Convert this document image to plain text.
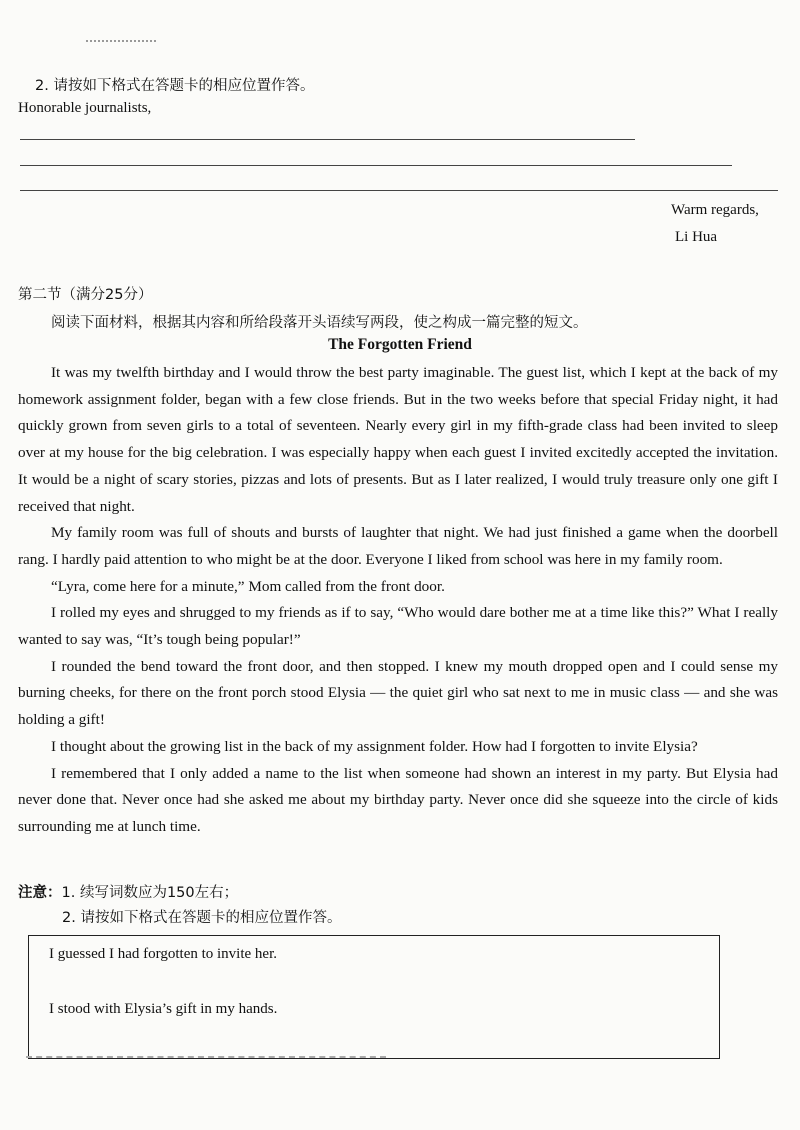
2. 请按如下格式在答题卡的相应位置作答。
Honorable journalists,
Warm regards,
Li Hua
第二节（满分25分）
阅读下面材料，根据其内容和所给段落开头语续写两段，使之构成一篇完整的短文。
The Forgotten Friend

It was my twelfth birthday and I would throw the best party imaginable. The guest list, which I kept at the back of my homework assignment folder, began with a few close friends. But in the two weeks before that special Friday night, it had quickly grown from seven girls to a total of seventeen. Nearly every girl in my fifth-grade class had been invited to sleep over at my house for the big celebration. I was especially happy when each guest I invited excitedly accepted the invitation. It would be a night of scary stories, pizzas and lots of presents. But as I later realized, I would truly treasure only one gift I received that night.

My family room was full of shouts and bursts of laughter that night. We had just finished a game when the doorbell rang. I hardly paid attention to who might be at the door. Everyone I liked from school was here in my family room.

“Lyra, come here for a minute,” Mom called from the front door.

I rolled my eyes and shrugged to my friends as if to say, “Who would dare bother me at a time like this?” What I really wanted to say was, “It’s tough being popular!”

I rounded the bend toward the front door, and then stopped. I knew my mouth dropped open and I could sense my burning cheeks, for there on the front porch stood Elysia — the quiet girl who sat next to me in music class — and she was holding a gift!

I thought about the growing list in the back of my assignment folder. How had I forgotten to invite Elysia?

I remembered that I only added a name to the list when someone had shown an interest in my party. But Elysia had never done that. Never once had she asked me about my birthday party. Never once did she squeeze into the circle of kids surrounding me at lunch time.

注意：1. 续写词数应为150左右；
2. 请按如下格式在答题卡的相应位置作答。
I guessed I had forgotten to invite her.
I stood with Elysia’s gift in my hands.
